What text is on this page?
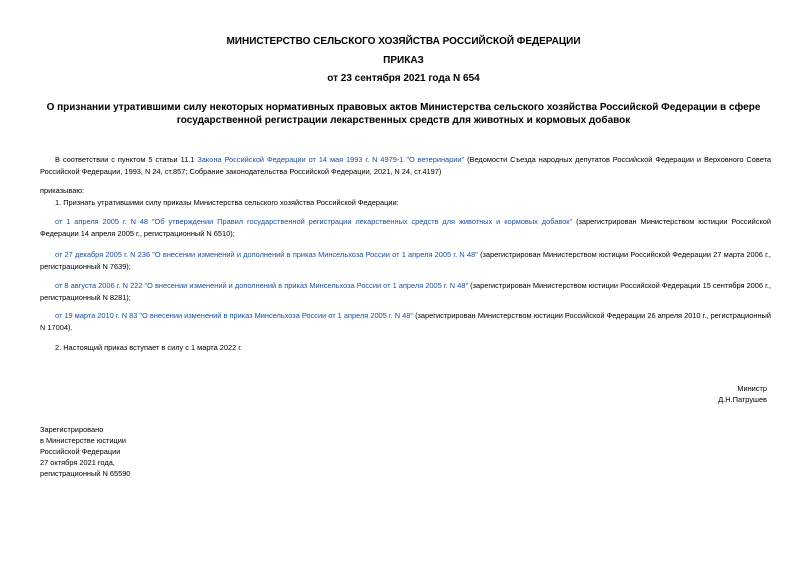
МИНИСТЕРСТВО СЕЛЬСКОГО ХОЗЯЙСТВА РОССИЙСКОЙ ФЕДЕРАЦИИ
ПРИКАЗ
от 23 сентября 2021 года N 654
О признании утратившими силу некоторых нормативных правовых актов Министерства сельского хозяйства Российской Федерации в сфере государственной регистрации лекарственных средств для животных и кормовых добавок
В соответствии с пунктом 5 статьи 11.1 Закона Российской Федерации от 14 мая 1993 г. N 4979-1 "О ветеринарии" (Ведомости Съезда народных депутатов Российской Федерации и Верховного Совета Российской Федерации, 1993, N 24, ст.857; Собрание законодательства Российской Федерации, 2021, N 24, ст.4197)
приказываю:
1. Признать утратившими силу приказы Министерства сельского хозяйства Российской Федерации:
от 1 апреля 2005 г. N 48 "Об утверждении Правил государственной регистрации лекарственных средств для животных и кормовых добавок" (зарегистрирован Министерством юстиции Российской Федерации 14 апреля 2005 г., регистрационный N 6510);
от 27 декабря 2005 г. N 236 "О внесении изменений и дополнений в приказ Минсельхоза России от 1 апреля 2005 г. N 48" (зарегистрирован Министерством юстиции Российской Федерации 27 марта 2006 г., регистрационный N 7639);
от 8 августа 2006 г. N 222 "О внесении изменений и дополнений в приказ Минсельхоза России от 1 апреля 2005 г. N 48" (зарегистрирован Министерством юстиции Российской Федерации 15 сентября 2006 г., регистрационный N 8281);
от 19 марта 2010 г. N 83 "О внесении изменений в приказ Минсельхоза России от 1 апреля 2005 г. N 48" (зарегистрирован Министерством юстиции Российской Федерации 26 апреля 2010 г., регистрационный N 17004).
2. Настоящий приказ вступает в силу с 1 марта 2022 г.
Министр
Д.Н.Патрушев
Зарегистрировано
в Министерстве юстиции
Российской Федерации
27 октября 2021 года,
регистрационный N 65590
